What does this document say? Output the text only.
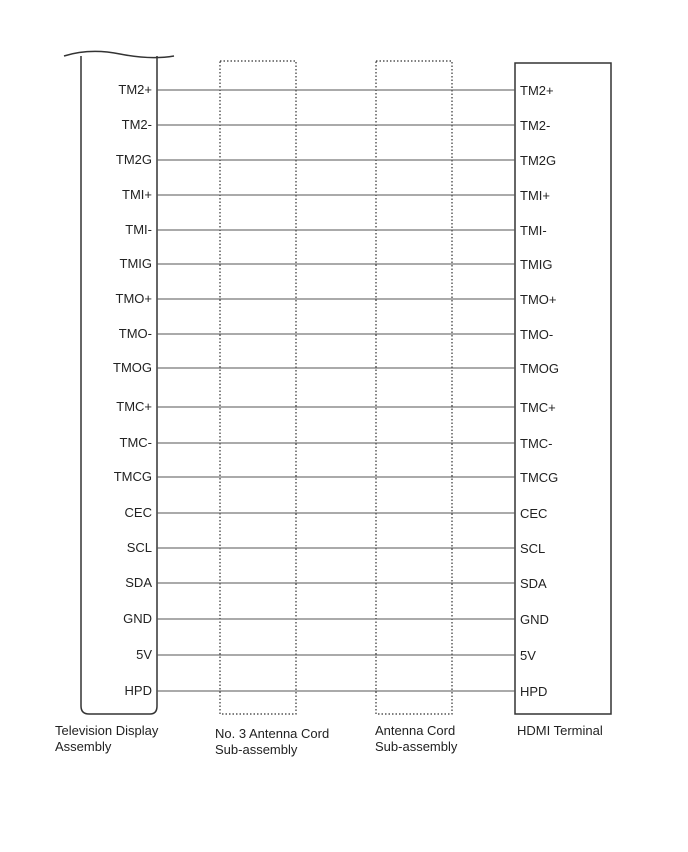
TM2+
TM2-
TM2G
TMI+
TMI-
TMIG
TMO+
TMO-
TMOG
TMC+
TMC-
TMCG
CEC
SCL
SDA
GND
5V
HPD
TM2+
TM2-
TM2G
TMI+
TMI-
TMIG
TMO+
TMO-
TMOG
TMC+
TMC-
TMCG
CEC
SCL
SDA
GND
5V
HPD
Television Display
Assembly
No. 3 Antenna Cord
Sub-assembly
Antenna Cord
Sub-assembly
HDMI Terminal
